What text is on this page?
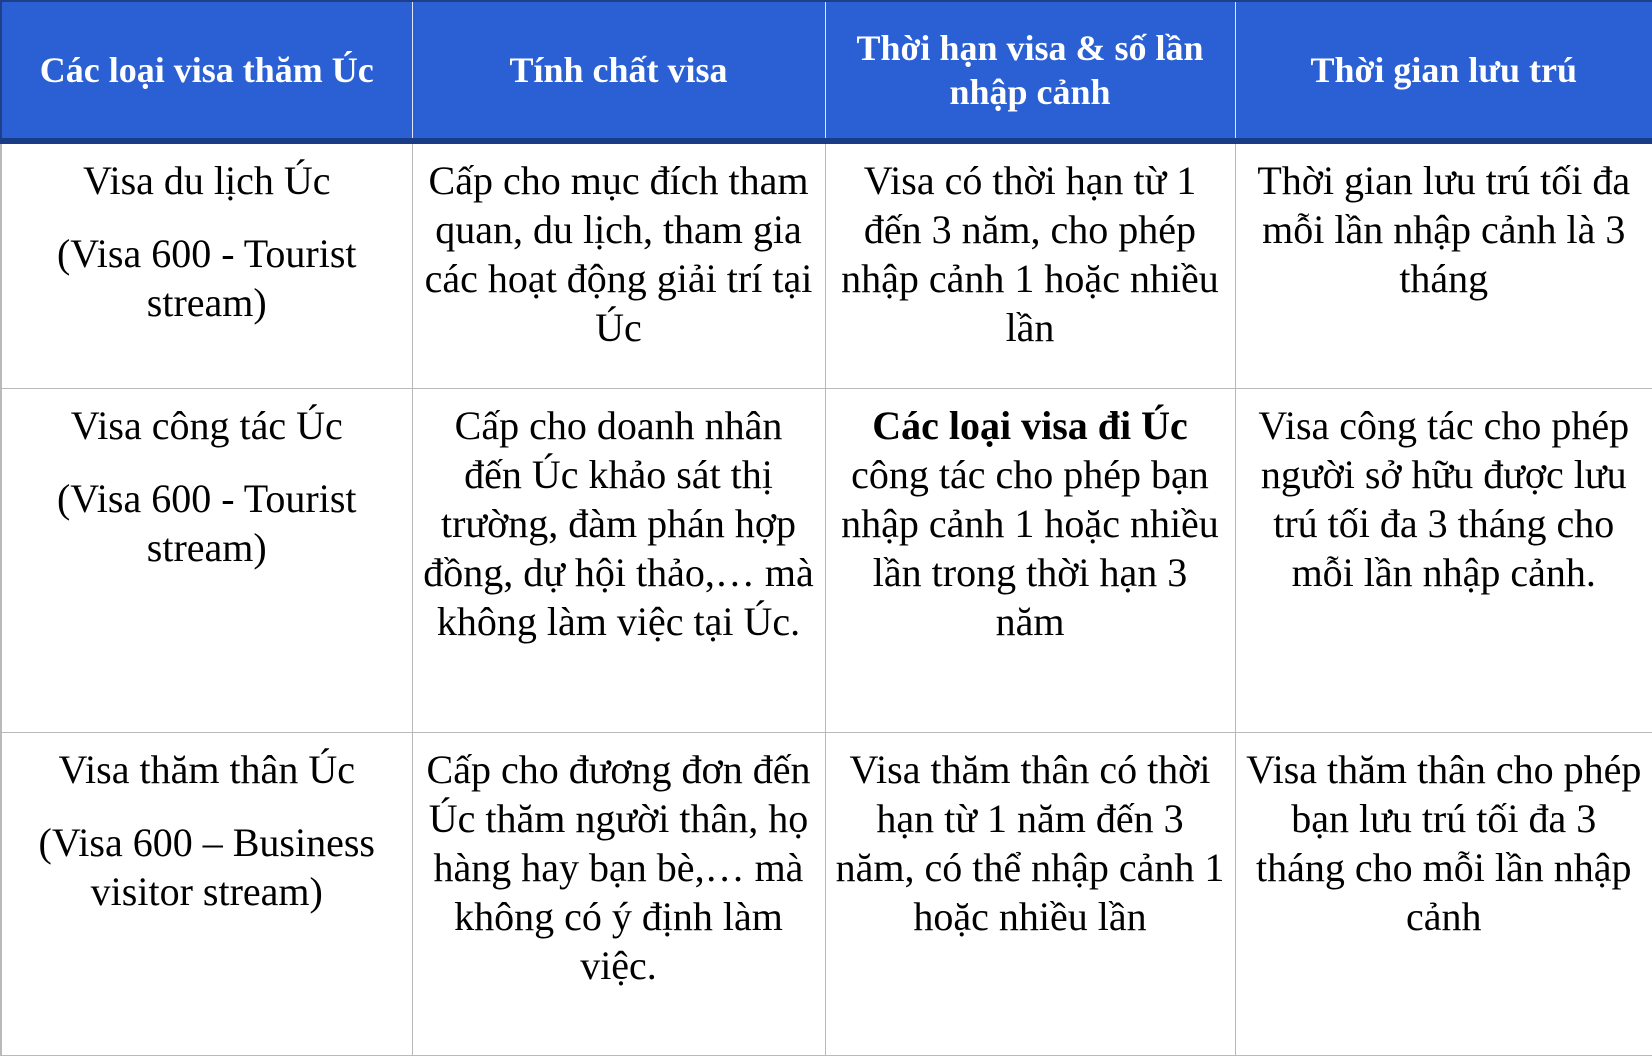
Các loại visa thăm Úc	Tính chất visa	Thời hạn visa & số lần nhập cảnh	Thời gian lưu trú

Visa du lịch Úc
(Visa 600 - Tourist stream)	Cấp cho mục đích tham quan, du lịch, tham gia các hoạt động giải trí tại Úc	Visa có thời hạn từ 1 đến 3 năm, cho phép nhập cảnh 1 hoặc nhiều lần	Thời gian lưu trú tối đa mỗi lần nhập cảnh là 3 tháng

Visa công tác Úc
(Visa 600 - Tourist stream)	Cấp cho doanh nhân đến Úc khảo sát thị trường, đàm phán hợp đồng, dự hội thảo,… mà không làm việc tại Úc.	Các loại visa đi Úc
công tác cho phép bạn nhập cảnh 1 hoặc nhiều lần trong thời hạn 3 năm	Visa công tác cho phép người sở hữu được lưu trú tối đa 3 tháng cho mỗi lần nhập cảnh.

Visa thăm thân Úc
(Visa 600 – Business visitor stream)	Cấp cho đương đơn đến Úc thăm người thân, họ hàng hay bạn bè,… mà không có ý định làm việc.	Visa thăm thân có thời hạn từ 1 năm đến 3 năm, có thể nhập cảnh 1 hoặc nhiều lần	Visa thăm thân cho phép bạn lưu trú tối đa 3 tháng cho mỗi lần nhập cảnh
